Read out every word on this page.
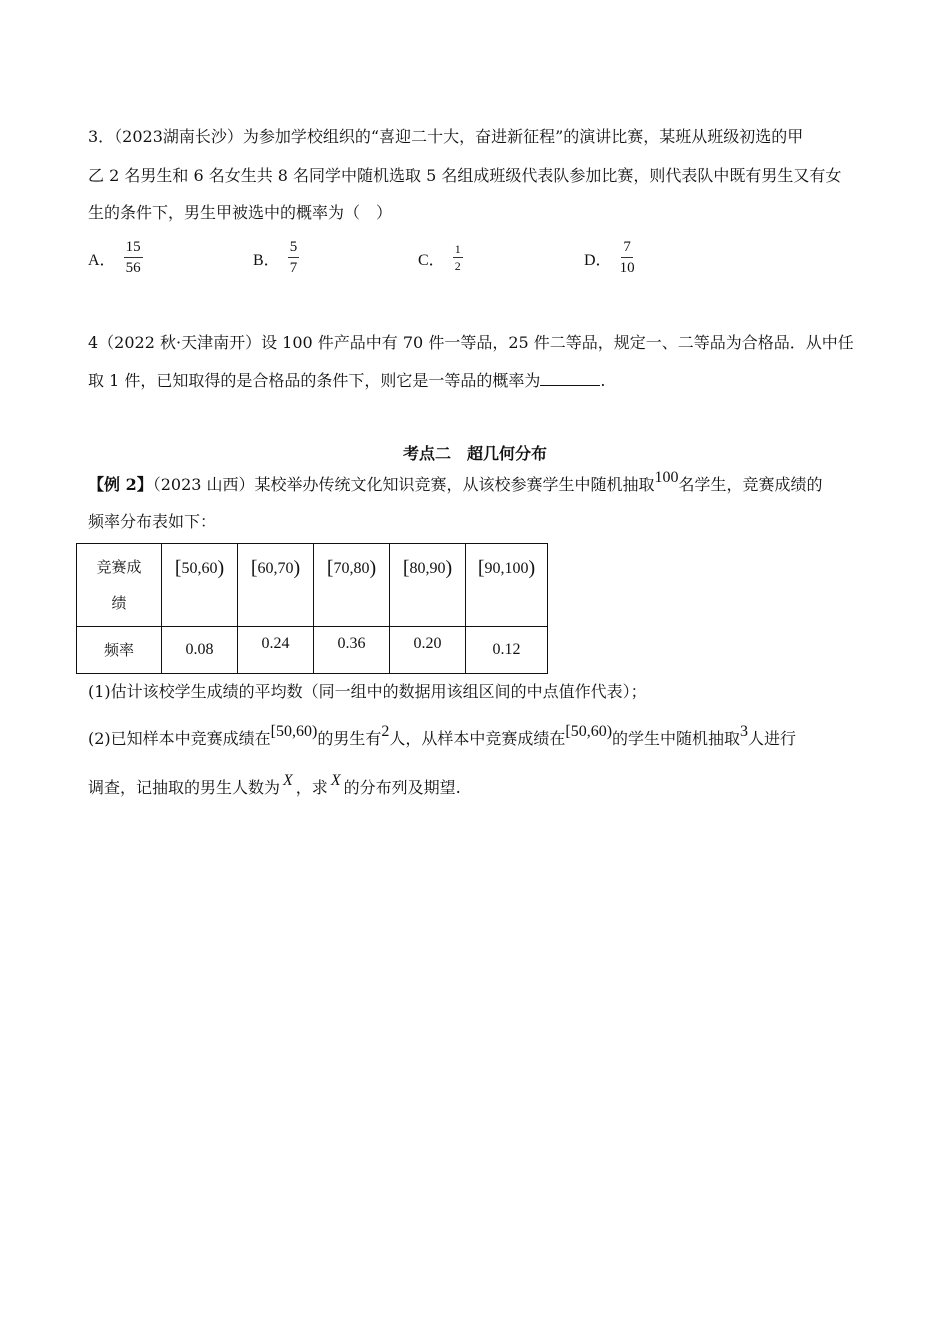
3．（2023湖南长沙）为参加学校组织的“喜迎二十大，奋进新征程”的演讲比赛，某班从班级初选的甲
乙 2 名男生和 6 名女生共 8 名同学中随机选取 5 名组成班级代表队参加比赛，则代表队中既有男生又有女
生的条件下，男生甲被选中的概率为（　）
A． $\frac{15}{56}$	B． $\frac{5}{7}$	C． $\frac{1}{2}$	D． $\frac{7}{10}$
4（2022 秋·天津南开）设 100 件产品中有 70 件一等品，25 件二等品，规定一、二等品为合格品．从中任
取 1 件，已知取得的是合格品的条件下，则它是一等品的概率为	.
考点二　超几何分布
【例 2】（2023 山西）某校举办传统文化知识竞赛，从该校参赛学生中随机抽取100名学生，竞赛成绩的
频率分布表如下：
竞赛成
绩	[50,60)	[60,70)	[70,80)	[80,90)	[90,100)
频率	0.08	0.24	0.36	0.20	0.12
(1)估计该校学生成绩的平均数（同一组中的数据用该组区间的中点值作代表）；
(2)已知样本中竞赛成绩在[50,60)的男生有2人，从样本中竞赛成绩在[50,60)的学生中随机抽取3人进行
调查，记抽取的男生人数为 X ，求 X 的分布列及期望.
